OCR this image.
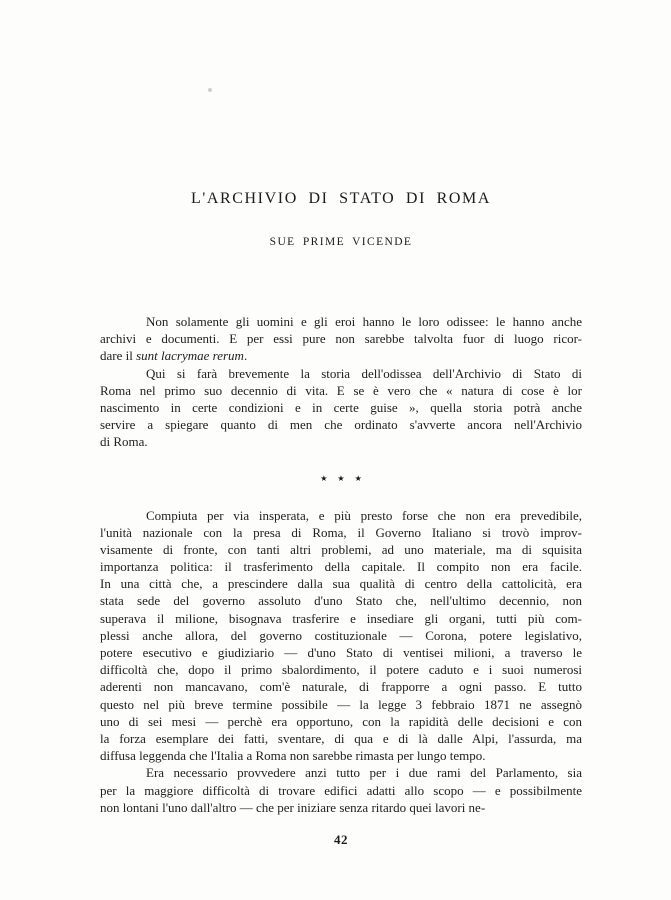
L'ARCHIVIO DI STATO DI ROMA
SUE PRIME VICENDE
Non solamente gli uomini e gli eroi hanno le loro odissee: le hanno anche
archivi e documenti. E per essi pure non sarebbe talvolta fuor di luogo ricor-
dare il sunt lacrymae rerum.
Qui si farà brevemente la storia dell'odissea dell'Archivio di Stato di
Roma nel primo suo decennio di vita. E se è vero che « natura di cose è lor
nascimento in certe condizioni e in certe guise », quella storia potrà anche
servire a spiegare quanto di men che ordinato s'avverte ancora nell'Archivio
di Roma.
★ ★ ★
Compiuta per via insperata, e più presto forse che non era prevedibile,
l'unità nazionale con la presa di Roma, il Governo Italiano si trovò improv-
visamente di fronte, con tanti altri problemi, ad uno materiale, ma di squisita
importanza politica: il trasferimento della capitale. Il compito non era facile.
In una città che, a prescindere dalla sua qualità di centro della cattolicità, era
stata sede del governo assoluto d'uno Stato che, nell'ultimo decennio, non
superava il milione, bisognava trasferire e insediare gli organi, tutti più com-
plessi anche allora, del governo costituzionale — Corona, potere legislativo,
potere esecutivo e giudiziario — d'uno Stato di ventisei milioni, a traverso le
difficoltà che, dopo il primo sbalordimento, il potere caduto e i suoi numerosi
aderenti non mancavano, com'è naturale, di frapporre a ogni passo. E tutto
questo nel più breve termine possibile — la legge 3 febbraio 1871 ne assegnò
uno di sei mesi — perchè era opportuno, con la rapidità delle decisioni e con
la forza esemplare dei fatti, sventare, di qua e di là dalle Alpi, l'assurda, ma
diffusa leggenda che l'Italia a Roma non sarebbe rimasta per lungo tempo.
Era necessario provvedere anzi tutto per i due rami del Parlamento, sia
per la maggiore difficoltà di trovare edifici adatti allo scopo — e possibilmente
non lontani l'uno dall'altro — che per iniziare senza ritardo quei lavori ne-
42
